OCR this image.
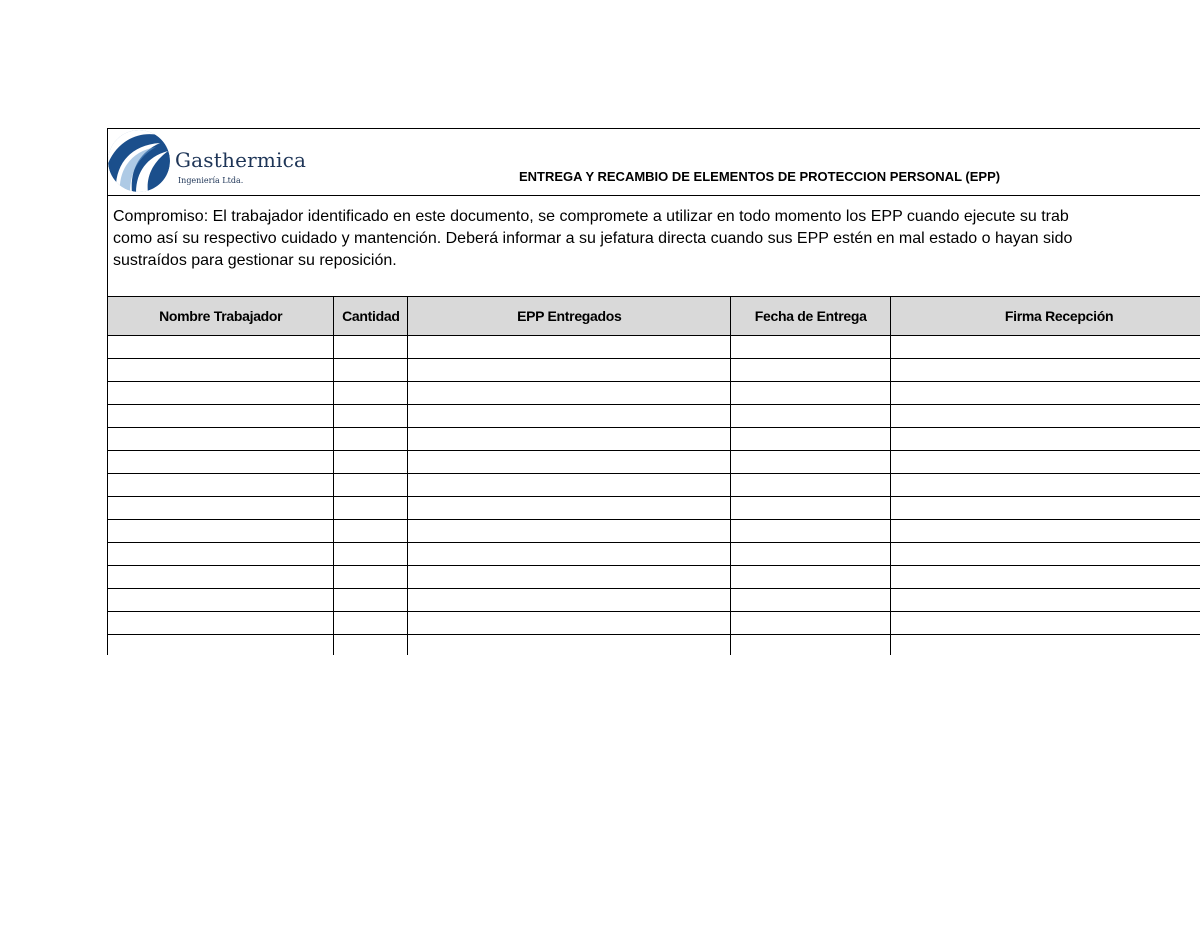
Gasthermica
Ingeniería Ltda.	ENTREGA Y RECAMBIO DE ELEMENTOS DE PROTECCION PERSONAL (EPP)
Compromiso: El trabajador identificado en este documento, se compromete a utilizar en todo momento los EPP cuando ejecute su trab
como así su respectivo cuidado y mantención. Deberá informar a su jefatura directa cuando sus EPP estén en mal estado o hayan sido
sustraídos para gestionar su reposición.
Nombre Trabajador	Cantidad	EPP Entregados	Fecha de Entrega	Firma Recepción
